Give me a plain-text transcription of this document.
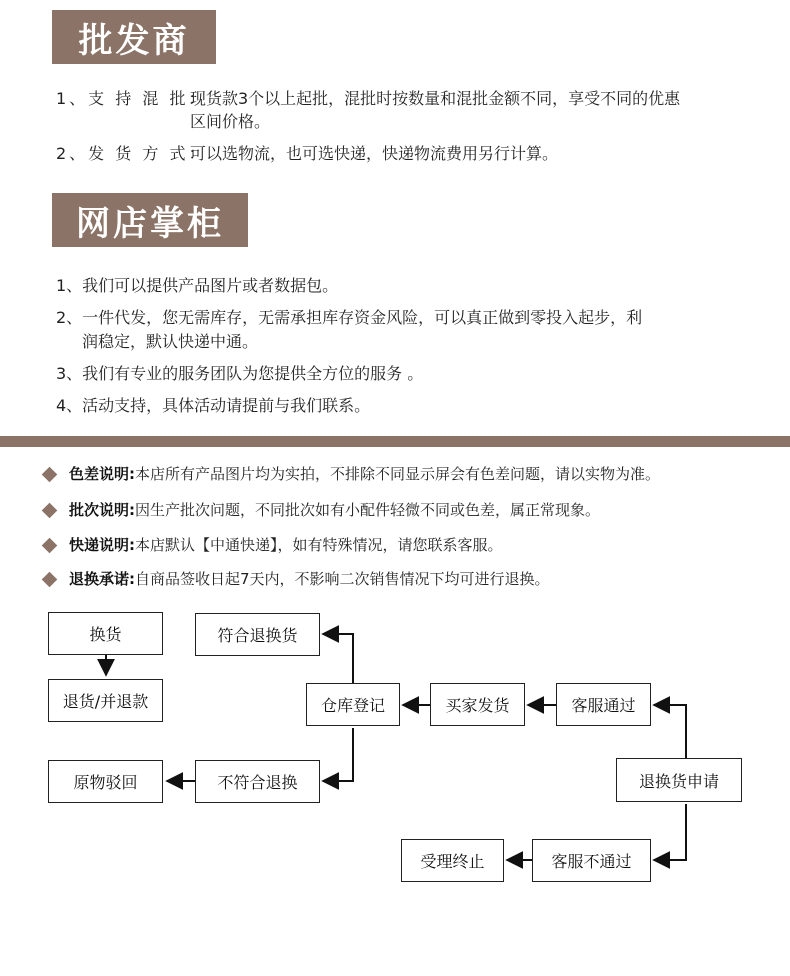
批发商
1、支 持 混 批：
现货款3个以上起批，混批时按数量和混批金额不同，享受不同的优惠
区间价格。
2、发 货 方 式：
可以选物流，也可选快递，快递物流费用另行计算。
网店掌柜
1、我们可以提供产品图片或者数据包。
2、一件代发，您无需库存，无需承担库存资金风险，可以真正做到零投入起步，利
润稳定，默认快递中通。
3、我们有专业的服务团队为您提供全方位的服务 。
4、活动支持，具体活动请提前与我们联系。
色差说明: 本店所有产品图片均为实拍，不排除不同显示屏会有色差问题，请以实物为准。
批次说明: 因生产批次问题，不同批次如有小配件轻微不同或色差，属正常现象。
快递说明: 本店默认【中通快递】，如有特殊情况，请您联系客服。
退换承诺: 自商品签收日起7天内，不影响二次销售情况下均可进行退换。
换货
退货/并退款
原物驳回
符合退换货
仓库登记
不符合退换
买家发货	客服通过
退换货申请
客服不通过
受理终止
